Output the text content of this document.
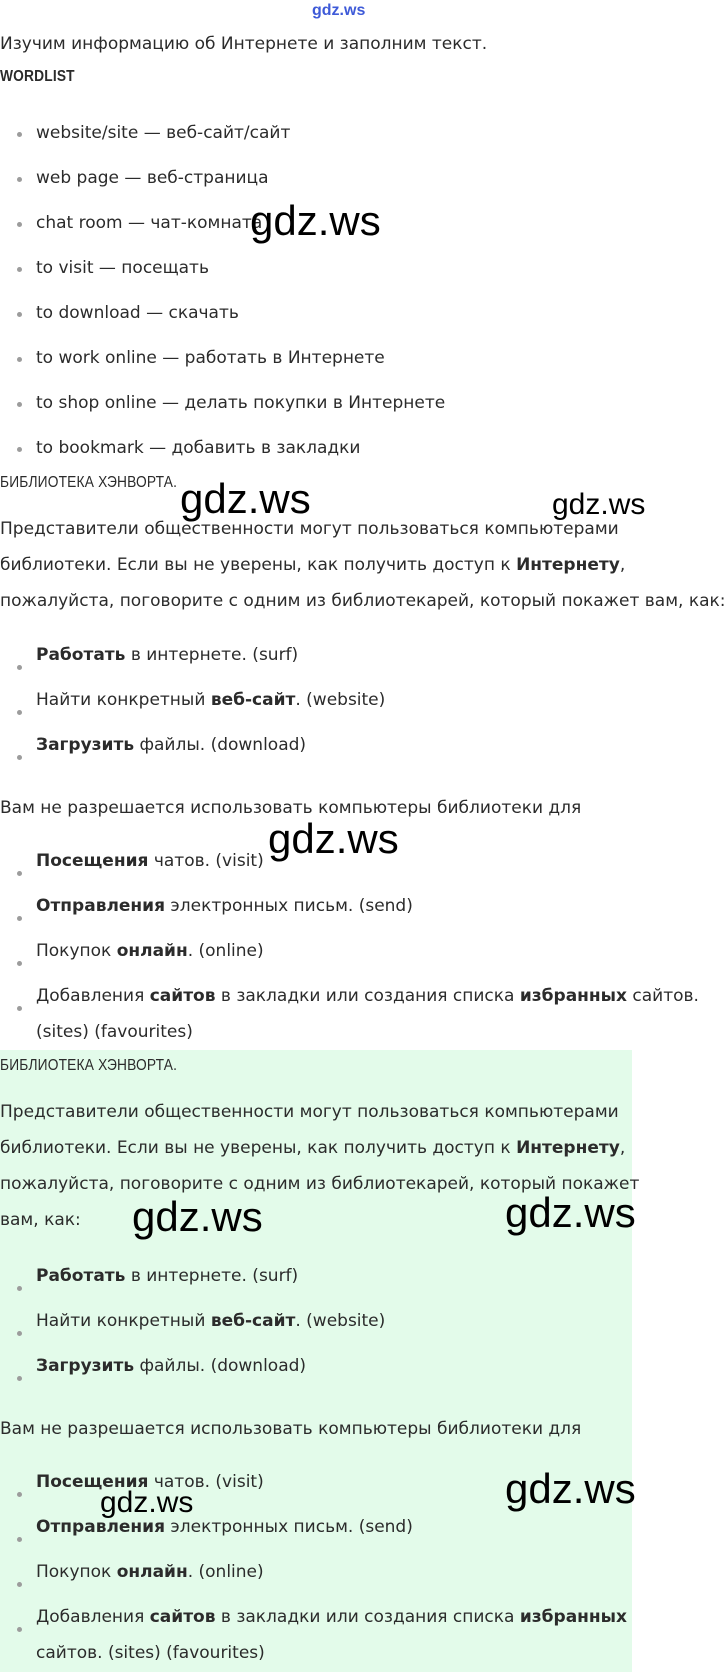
gdz.ws
gdz.ws
gdz.ws	gdz.ws
gdz.ws
gdz.ws	gdz.ws
gdz.ws
gdz.ws

Изучим информацию об Интернете и заполним текст.

WORDLIST

website/site — веб-сайт/сайт

web page — веб-страница

chat room — чат-комната

to visit — посещать

to download — скачать

to work online — работать в Интернете

to shop online — делать покупки в Интернете

to bookmark — добавить в закладки

БИБЛИОТЕКА ХЭНВОРТА.

Представители общественности могут пользоваться компьютерами

библиотеки. Если вы не уверены, как получить доступ к Интернету,

пожалуйста, поговорите с одним из библиотекарей, который покажет вам, как:

Работать в интернете. (surf)

Найти конкретный веб-сайт. (website)

Загрузить файлы. (download)

Вам не разрешается использовать компьютеры библиотеки для

Посещения чатов. (visit)

Отправления электронных письм. (send)

Покупок онлайн. (online)

Добавления сайтов в закладки или создания списка избранных сайтов.

(sites) (favourites)

БИБЛИОТЕКА ХЭНВОРТА.

Представители общественности могут пользоваться компьютерами

библиотеки. Если вы не уверены, как получить доступ к Интернету,

пожалуйста, поговорите с одним из библиотекарей, который покажет

вам, как:

Работать в интернете. (surf)

Найти конкретный веб-сайт. (website)

Загрузить файлы. (download)

Вам не разрешается использовать компьютеры библиотеки для

Посещения чатов. (visit)

Отправления электронных письм. (send)

Покупок онлайн. (online)

Добавления сайтов в закладки или создания списка избранных

сайтов. (sites) (favourites)
